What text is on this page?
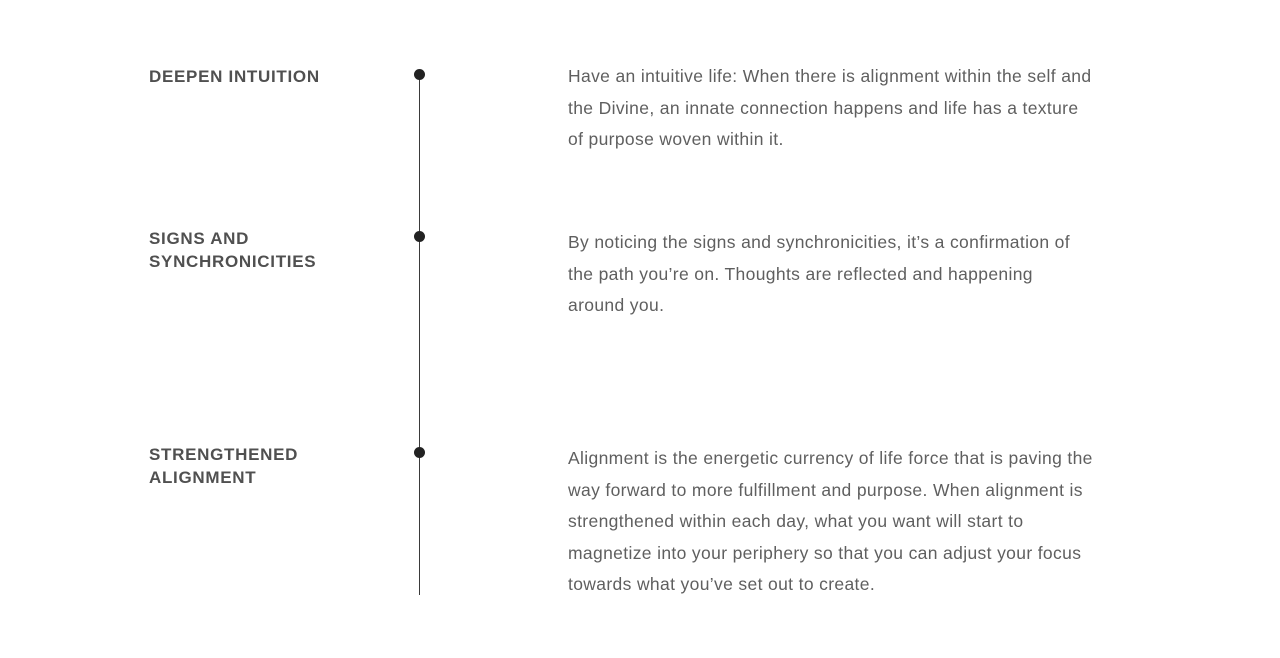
DEEPEN INTUITION	Have an intuitive life: When there is alignment within the self and the Divine, an innate connection happens and life has a texture of purpose woven within it.

SIGNS AND SYNCHRONICITIES

By noticing the signs and synchronicities, it’s a confirmation of the path you’re on. Thoughts are reflected and happening around you.

STRENGTHENED ALIGNMENT

Alignment is the energetic currency of life force that is paving the way forward to more fulfillment and purpose. When alignment is strengthened within each day, what you want will start to magnetize into your periphery so that you can adjust your focus towards what you’ve set out to create.
